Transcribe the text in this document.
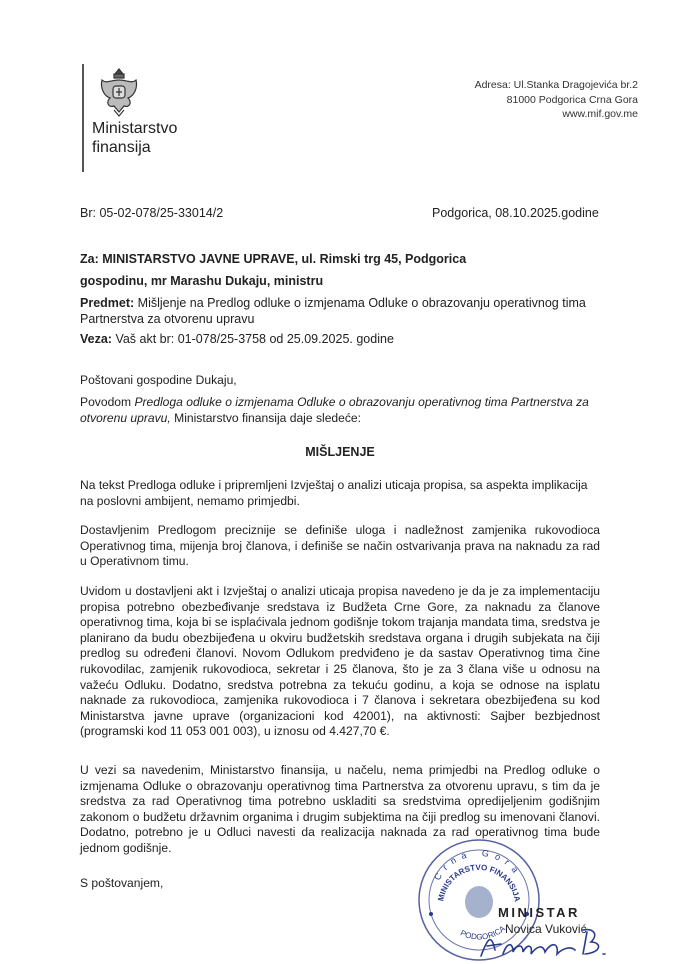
Ministarstvo
finansija
Adresa: Ul.Stanka Dragojevića br.2
81000 Podgorica Crna Gora
www.mif.gov.me
Br: 05-02-078/25-33014/2	Podgorica, 08.10.2025.godine
Za: MINISTARSTVO JAVNE UPRAVE, ul. Rimski trg 45, Podgorica
gospodinu, mr Marashu Dukaju, ministru
Predmet: Mišljenje na Predlog odluke o izmjenama Odluke o obrazovanju operativnog tima Partnerstva za otvorenu upravu
Veza: Vaš akt br: 01-078/25-3758 od 25.09.2025. godine
Poštovani gospodine Dukaju,
Povodom Predloga odluke o izmjenama Odluke o obrazovanju operativnog tima Partnerstva za otvorenu upravu, Ministarstvo finansija daje sledeće:
MIŠLJENJE
Na tekst Predloga odluke i pripremljeni Izvještaj o analizi uticaja propisa, sa aspekta implikacija na poslovni ambijent, nemamo primjedbi.
Dostavljenim Predlogom preciznije se definiše uloga i nadležnost zamjenika rukovodioca Operativnog tima, mijenja broj članova, i definiše se način ostvarivanja prava na naknadu za rad u Operativnom timu.
Uvidom u dostavljeni akt i Izvještaj o analizi uticaja propisa navedeno je da je za implementaciju propisa potrebno obezbeđivanje sredstava iz Budžeta Crne Gore, za naknadu za članove operativnog tima, koja bi se isplaćivala jednom godišnje tokom trajanja mandata tima, sredstva je planirano da budu obezbijeđena u okviru budžetskih sredstava organa i drugih subjekata na čiji predlog su određeni članovi. Novom Odlukom predviđeno je da sastav Operativnog tima čine rukovodilac, zamjenik rukovodioca, sekretar i 25 članova, što je za 3 člana više u odnosu na važeću Odluku. Dodatno, sredstva potrebna za tekuću godinu, a koja se odnose na isplatu naknade za rukovodioca, zamjenika rukovodioca i 7 članova i sekretara obezbijeđena su kod Ministarstva javne uprave (organizacioni kod 42001), na aktivnosti: Sajber bezbjednost (programski kod 11 053 001 003), u iznosu od 4.427,70 €.
U vezi sa navedenim, Ministarstvo finansija, u načelu, nema primjedbi na Predlog odluke o izmjenama Odluke o obrazovanju operativnog tima Partnerstva za otvorenu upravu, s tim da je sredstva za rad Operativnog tima potrebno uskladiti sa sredstvima opredijeljenim godišnjim zakonom o budžetu državnim organima i drugim subjektima na čiji predlog su imenovani članovi. Dodatno, potrebno je u Odluci navesti da realizacija naknada za rad operativnog tima bude jednom godišnje.
S poštovanjem,
Crna Gora
MINISTARSTVO FINANSIJA
PODGORICA
MINISTAR
Novica Vuković
